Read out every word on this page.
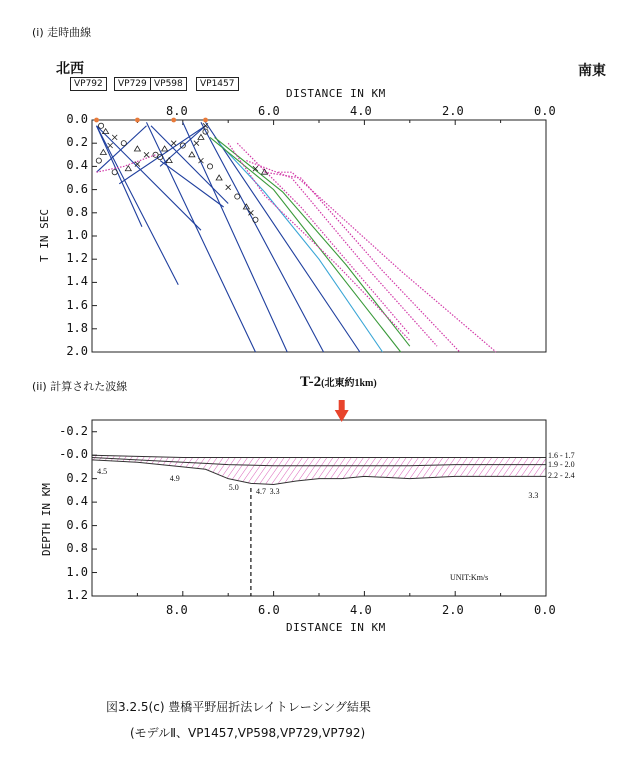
(i) 走時曲線
北西	南東
VP792	VP729 VP598	VP1457
DISTANCE IN KM
8.0	6.0	4.0	2.0	0.0
T IN SEC
0.0
0.2
0.4
0.6
0.8
1.0
1.2
1.4
1.6
1.8
2.0
(ii) 計算された波線	T-2(北東約1km)
DEPTH IN KM
-0.2
-0.0
0.2
0.4
0.6
0.8
1.0
1.2
4.5
4.9
5.0 4.7 3.3
3.3
1.6 - 1.7
1.9 - 2.0
2.2 - 2.4
8.0	6.0	4.0	2.0	0.0
DISTANCE IN KM
UNIT:Km/s
図3.2.5(c) 豊橋平野屈折法レイトレーシング結果
(モデルⅡ、VP1457,VP598,VP729,VP792)
